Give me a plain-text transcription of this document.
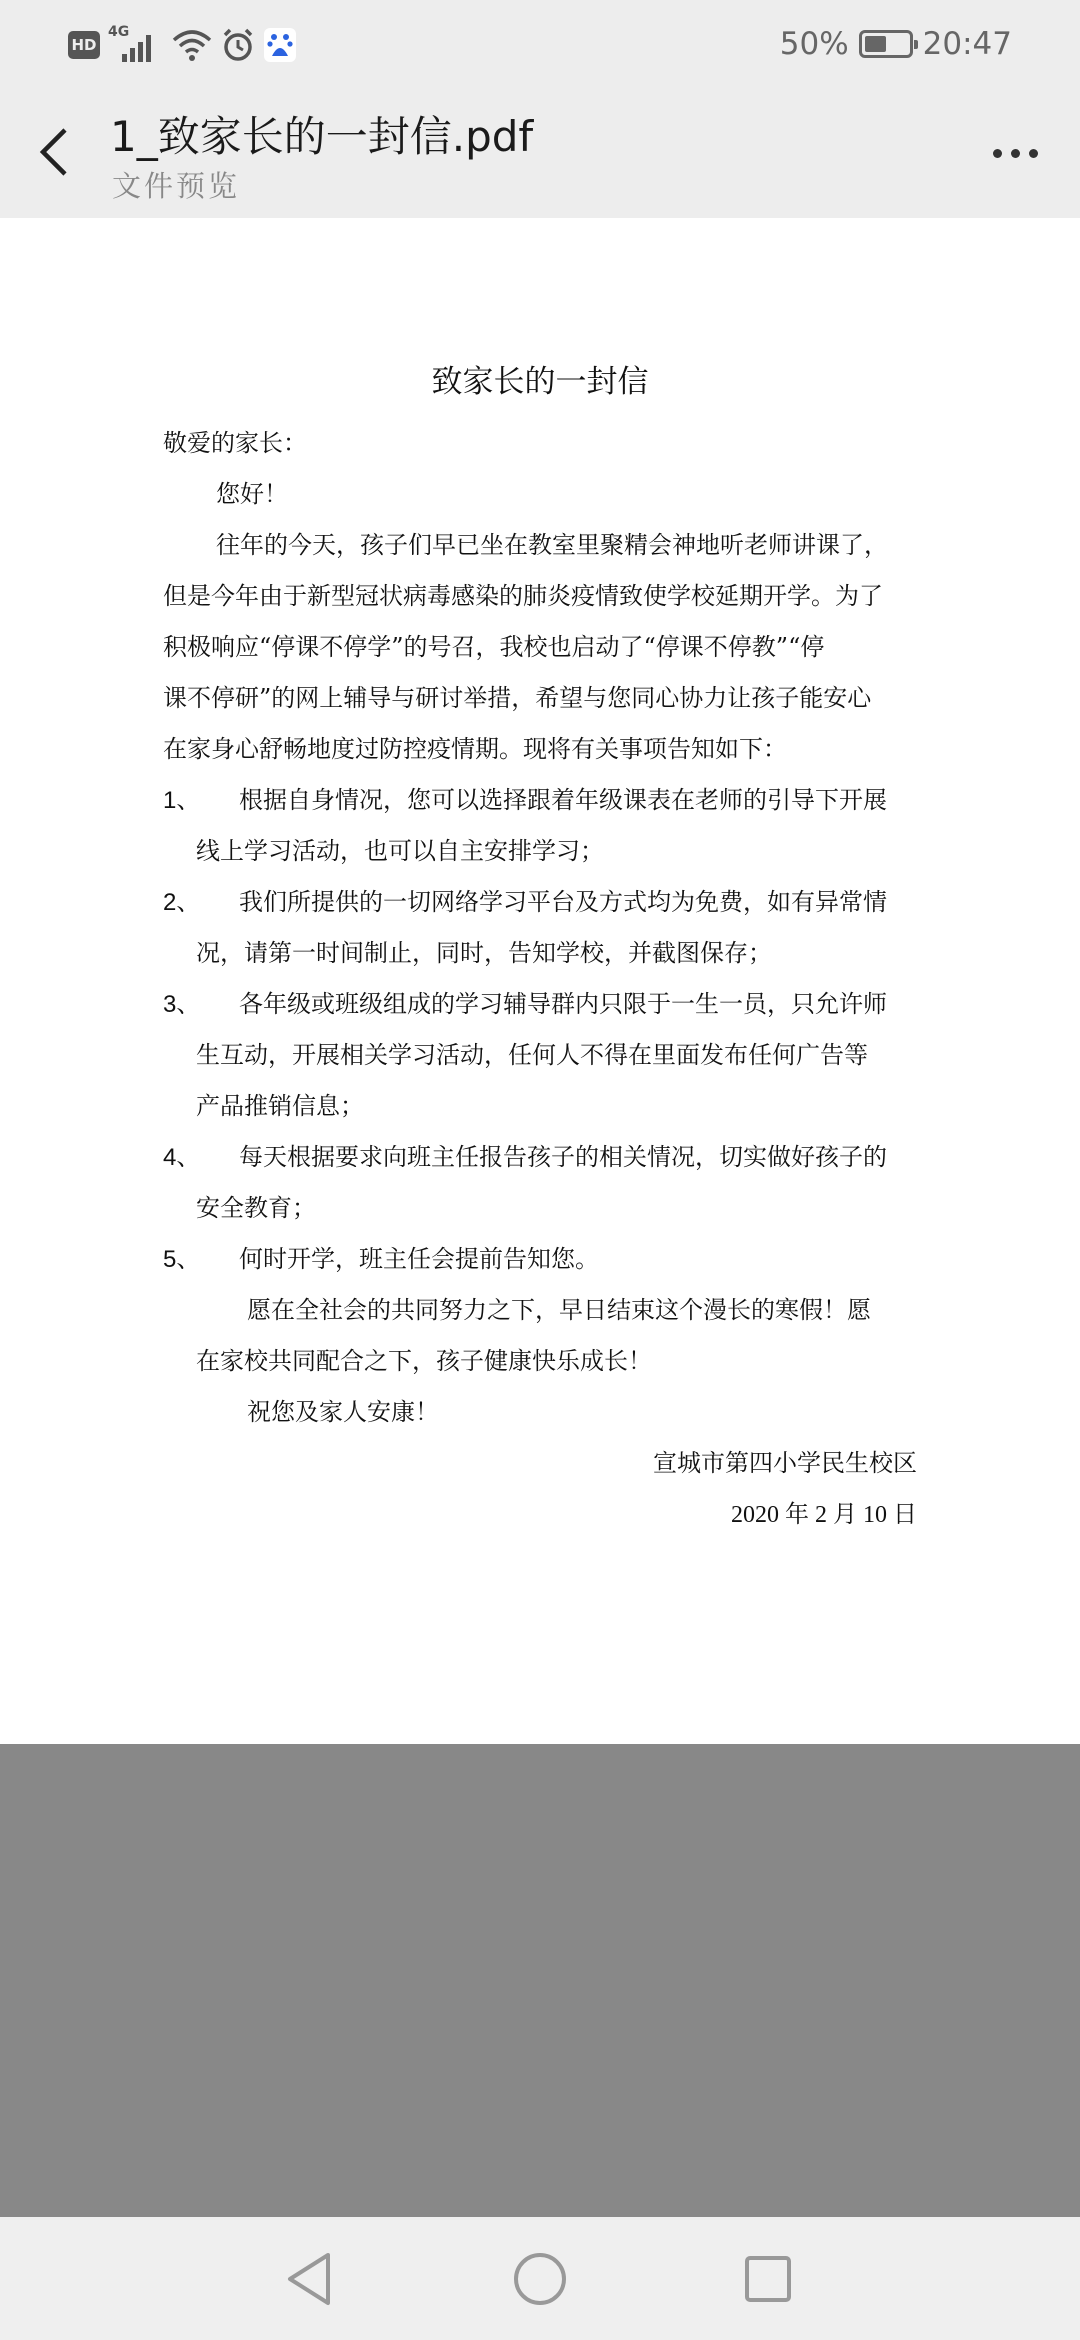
HD
4G	50% 20:47
1_致家长的一封信.pdf
文件预览
致家长的一封信
敬爱的家长：
您好！
往年的今天，孩子们早已坐在教室里聚精会神地听老师讲课了，
但是今年由于新型冠状病毒感染的肺炎疫情致使学校延期开学。为了
积极响应“停课不停学”的号召，我校也启动了“停课不停教”“停
课不停研”的网上辅导与研讨举措，希望与您同心协力让孩子能安心
在家身心舒畅地度过防控疫情期。现将有关事项告知如下：
1、 根据自身情况，您可以选择跟着年级课表在老师的引导下开展
线上学习活动，也可以自主安排学习；
2、 我们所提供的一切网络学习平台及方式均为免费，如有异常情
况，请第一时间制止，同时，告知学校，并截图保存；
3、 各年级或班级组成的学习辅导群内只限于一生一员，只允许师
生互动，开展相关学习活动，任何人不得在里面发布任何广告等
产品推销信息；
4、 每天根据要求向班主任报告孩子的相关情况，切实做好孩子的
安全教育；
5、 何时开学，班主任会提前告知您。
愿在全社会的共同努力之下，早日结束这个漫长的寒假！愿
在家校共同配合之下，孩子健康快乐成长！
祝您及家人安康！
宣城市第四小学民生校区
2020 年 2 月 10 日
